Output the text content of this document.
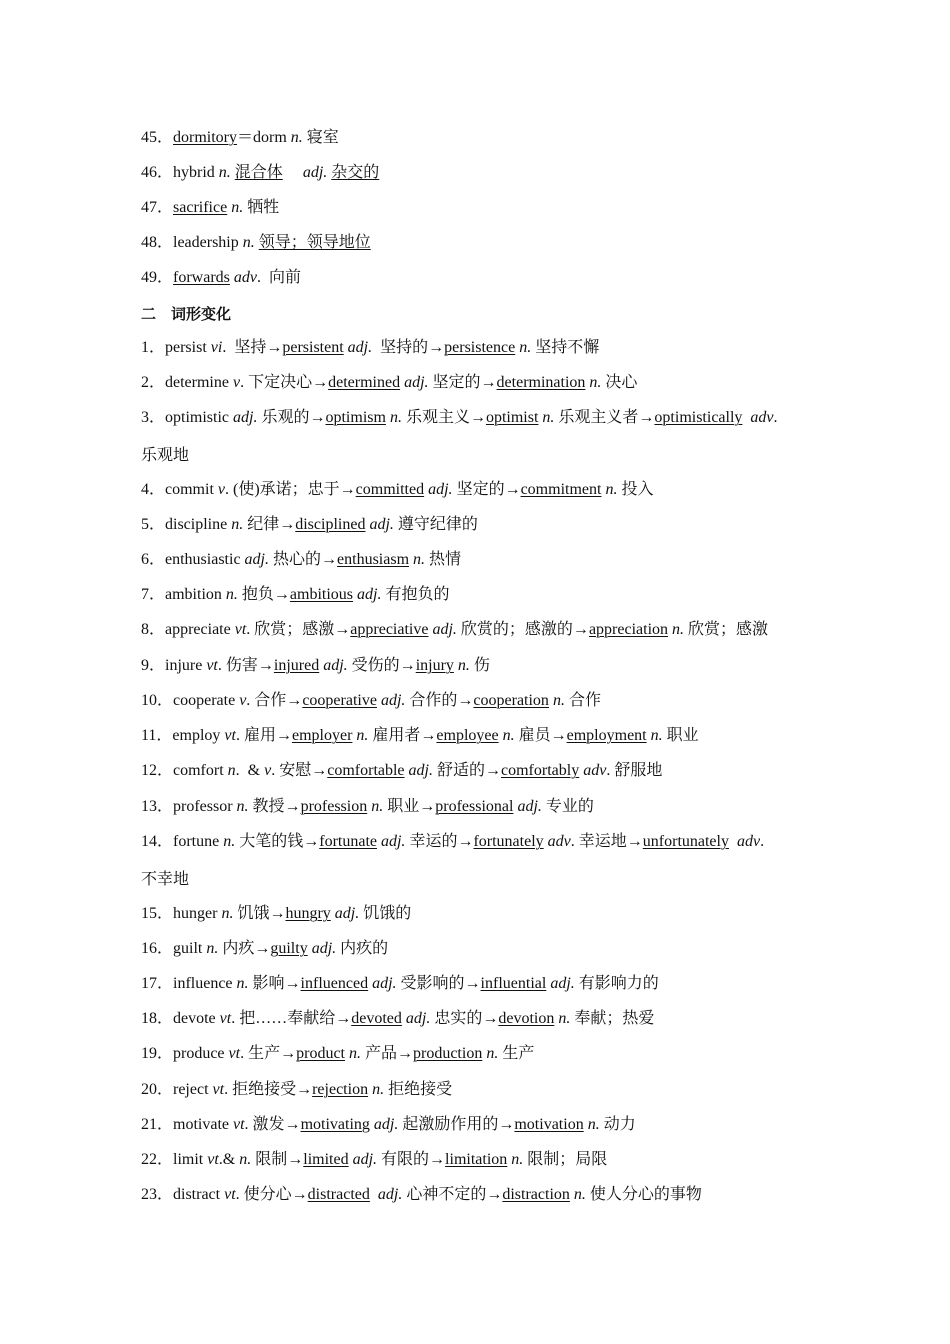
45．dormitory＝dorm n. 寝室
46．hybrid n. 混合体　 adj. 杂交的
47．sacrifice n. 牺牲
48．leadership n. 领导；领导地位
49．forwards adv.  向前
二　词形变化
1．persist vi.  坚持→persistent adj.  坚持的→persistence n. 坚持不懈
2．determine v. 下定决心→determined adj. 坚定的→determination n. 决心
3．optimistic adj. 乐观的→optimism n. 乐观主义→optimist n. 乐观主义者→optimistically adv.
乐观地
4．commit v. (使)承诺；忠于→committed adj. 坚定的→commitment n. 投入
5．discipline n. 纪律→disciplined adj. 遵守纪律的
6．enthusiastic adj. 热心的→enthusiasm n. 热情
7．ambition n. 抱负→ambitious adj. 有抱负的
8．appreciate vt. 欣赏；感激→appreciative adj. 欣赏的；感激的→appreciation n. 欣赏；感激
9．injure vt. 伤害→injured adj. 受伤的→injury n. 伤
10．cooperate v. 合作→cooperative adj. 合作的→cooperation n. 合作
11．employ vt. 雇用→employer n. 雇用者→employee n. 雇员→employment n. 职业
12．comfort n.  & v. 安慰→comfortable adj. 舒适的→comfortably adv. 舒服地
13．professor n. 教授→profession n. 职业→professional adj. 专业的
14．fortune n. 大笔的钱→fortunate adj. 幸运的→fortunately adv. 幸运地→unfortunately adv.
不幸地
15．hunger n. 饥饿→hungry adj. 饥饿的
16．guilt n. 内疚→guilty adj. 内疚的
17．influence n. 影响→influenced adj. 受影响的→influential adj. 有影响力的
18．devote vt. 把……奉献给→devoted adj. 忠实的→devotion n. 奉献；热爱
19．produce vt. 生产→product n. 产品→production n. 生产
20．reject vt. 拒绝接受→rejection n. 拒绝接受
21．motivate vt. 激发→motivating adj. 起激励作用的→motivation n. 动力
22．limit vt.& n. 限制→limited adj. 有限的→limitation n. 限制；局限
23．distract vt. 使分心→distracted adj. 心神不定的→distraction n. 使人分心的事物
